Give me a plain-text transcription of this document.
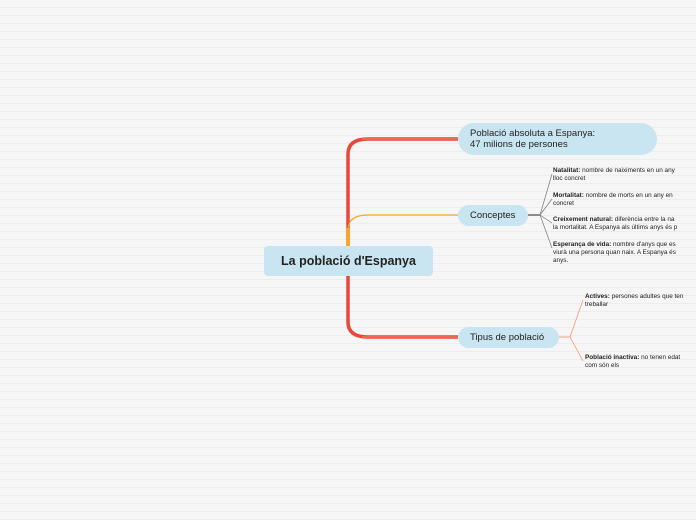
La població d'Espanya
Població absoluta a Espanya:
47 milions de persones
Conceptes
Tipus de població
Natalitat: nombre de naiximents en un any
lloc concret
Mortalitat: nombre de morts en un any en
concret
Creixement natural: diferència entre la na
la mortalitat. A Espanya als últims anys és p
Esperança de vida: nombre d'anys que es
viurà una persona quan naix. A Espanya és
anys.
Actives: persones adultes que ten
treballar
Població inactiva: no tenen edat
com són els
